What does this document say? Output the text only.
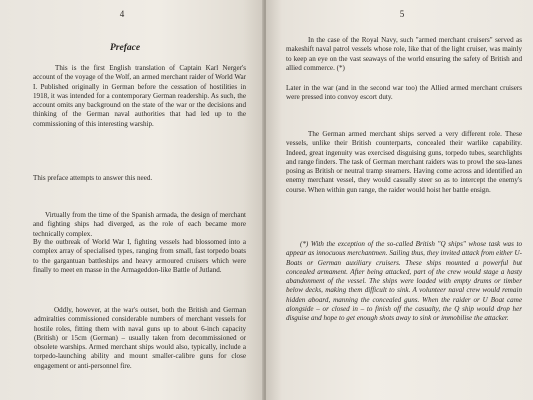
4
Preface

This is the first English translation of Captain Karl Nerger's account of the voyage of the Wolf, an armed merchant raider of World War I. Published originally in German before the cessation of hostilities in 1918, it was intended for a contemporary German readership. As such, the account omits any background on the state of the war or the decisions and thinking of the German naval authorities that had led up to the commissioning of this interesting warship.

This preface attempts to answer this need.

Virtually from the time of the Spanish armada, the design of merchant and fighting ships had diverged, as the role of each became more technically complex.

By the outbreak of World War I, fighting vessels had blossomed into a complex array of specialised types, ranging from small, fast torpedo boats to the gargantuan battleships and heavy armoured cruisers which were finally to meet en masse in the Armageddon-like Battle of Jutland.

Oddly, however, at the war's outset, both the British and German admiralties commissioned considerable numbers of merchant vessels for hostile roles, fitting them with naval guns up to about 6-inch capacity (British) or 15cm (German) – usually taken from decommissioned or obsolete warships. Armed merchant ships would also, typically, include a torpedo-launching ability and mount smaller-calibre guns for close engagement or anti-personnel fire.

5

In the case of the Royal Navy, such "armed merchant cruisers" served as makeshift naval patrol vessels whose role, like that of the light cruiser, was mainly to keep an eye on the vast seaways of the world ensuring the safety of British and allied commerce. (*)

Later in the war (and in the second war too) the Allied armed merchant cruisers were pressed into convoy escort duty.

The German armed merchant ships served a very different role. These vessels, unlike their British counterparts, concealed their warlike capability. Indeed, great ingenuity was exercised disguising guns, torpedo tubes, searchlights and range finders. The task of German merchant raiders was to prowl the sea-lanes posing as British or neutral tramp steamers. Having come across and identified an enemy merchant vessel, they would casually steer so as to intercept the enemy's course. When within gun range, the raider would hoist her battle ensign.

(*) With the exception of the so-called British "Q ships" whose task was to appear as innocuous merchantmen. Sailing thus, they invited attack from either U-Boats or German auxiliary cruisers. These ships mounted a powerful but concealed armament. After being attacked, part of the crew would stage a hasty abandonment of the vessel. The ships were loaded with empty drums or timber below decks, making them difficult to sink. A volunteer naval crew would remain hidden aboard, manning the concealed guns. When the raider or U Boat came alongside – or closed in – to finish off the casualty, the Q ship would drop her disguise and hope to get enough shots away to sink or immobilise the attacker.
